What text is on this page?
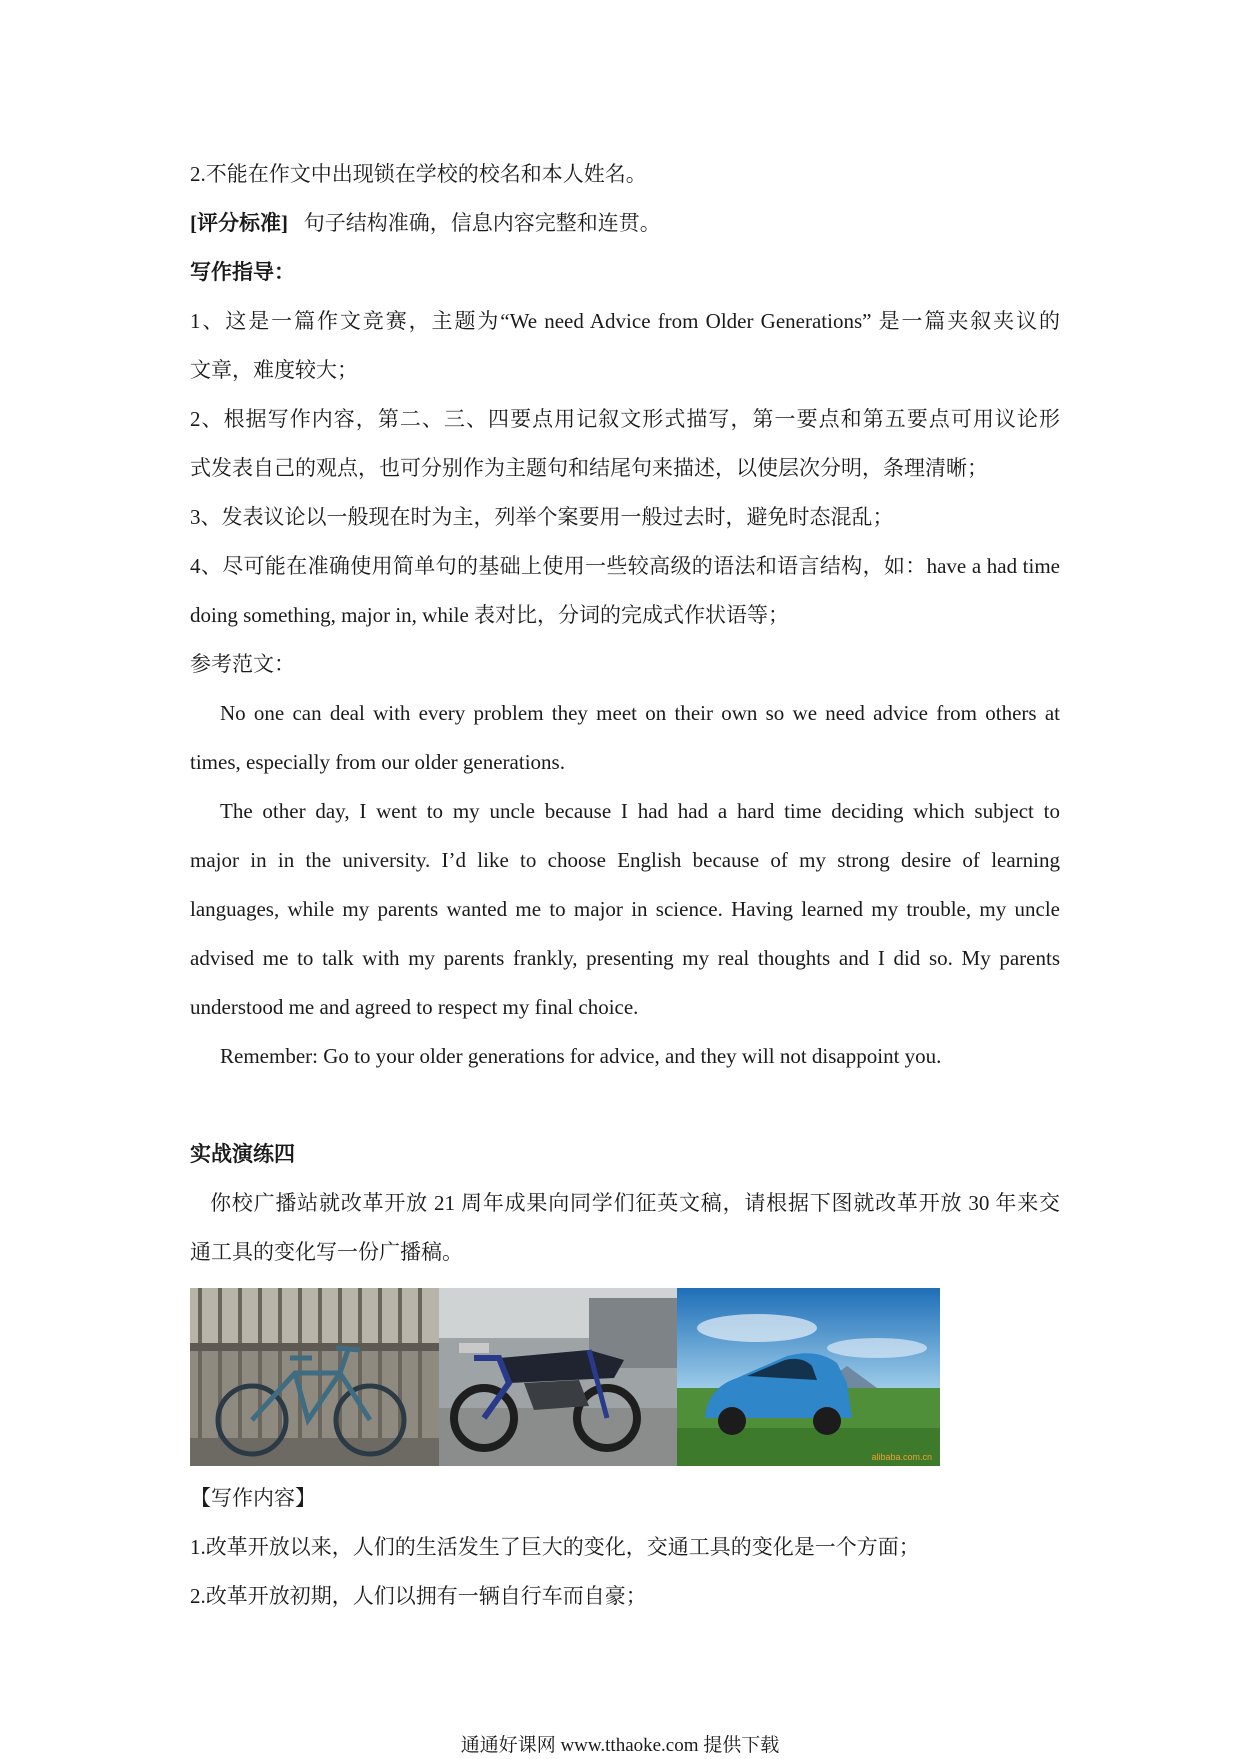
2.不能在作文中出现锁在学校的校名和本人姓名。
[评分标准] 句子结构准确，信息内容完整和连贯。
写作指导：
1、这是一篇作文竞赛，主题为“We need Advice from Older Generations” 是一篇夹叙夹议的
文章，难度较大；
2、根据写作内容，第二、三、四要点用记叙文形式描写，第一要点和第五要点可用议论形
式发表自己的观点，也可分别作为主题句和结尾句来描述，以使层次分明，条理清晰；
3、发表议论以一般现在时为主，列举个案要用一般过去时，避免时态混乱；
4、尽可能在准确使用简单句的基础上使用一些较高级的语法和语言结构，如：have a had time
doing something, major in, while 表对比，分词的完成式作状语等；
参考范文：
No one can deal with every problem they meet on their own so we need advice from others at
times, especially from our older generations.
The other day, I went to my uncle because I had had a hard time deciding which subject to
major in in the university. I’d like to choose English because of my strong desire of learning
languages, while my parents wanted me to major in science. Having learned my trouble, my uncle
advised me to talk with my parents frankly, presenting my real thoughts and I did so. My parents
understood me and agreed to respect my final choice.
Remember: Go to your older generations for advice, and they will not disappoint you.
实战演练四
你校广播站就改革开放 21 周年成果向同学们征英文稿，请根据下图就改革开放 30 年来交
通工具的变化写一份广播稿。
alibaba.com.cn
【写作内容】
1.改革开放以来，人们的生活发生了巨大的变化，交通工具的变化是一个方面；
2.改革开放初期，人们以拥有一辆自行车而自豪；
通通好课网 www.tthaoke.com 提供下载
